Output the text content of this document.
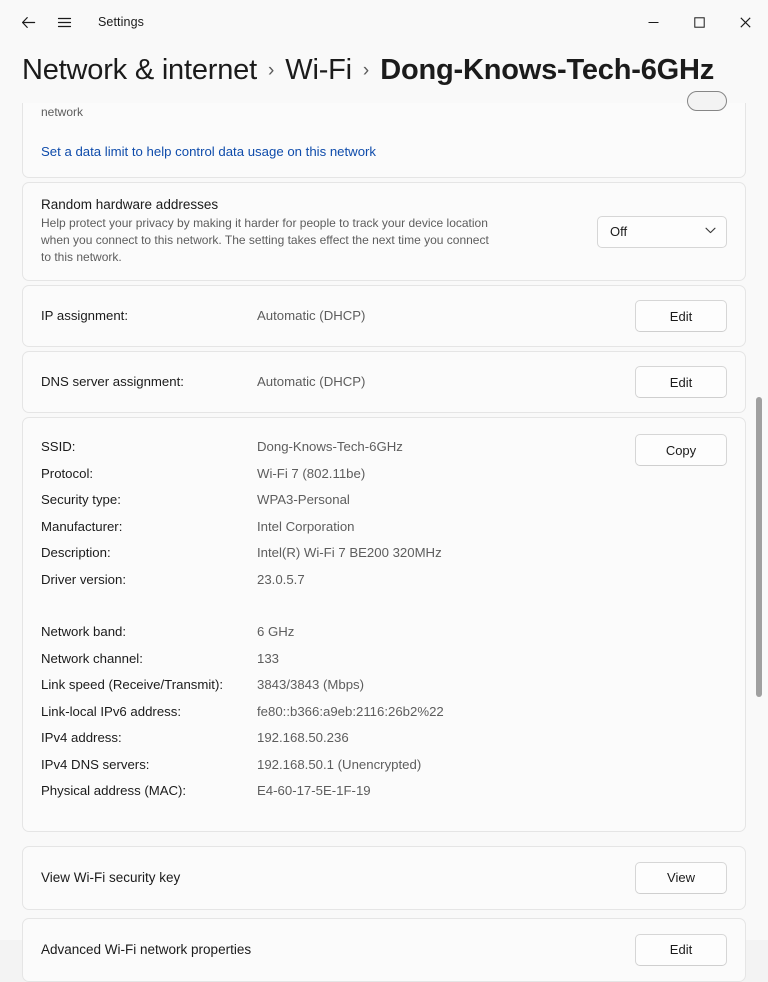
Settings
Network & internet › Wi-Fi › Dong-Knows-Tech-6GHz
network
Set a data limit to help control data usage on this network
Random hardware addresses
Help protect your privacy by making it harder for people to track your device location when you connect to this network. The setting takes effect the next time you connect to this network.
Off
IP assignment:	Automatic (DHCP)	Edit
DNS server assignment:	Automatic (DHCP)	Edit
SSID:	Dong-Knows-Tech-6GHz
Protocol:	Wi-Fi 7 (802.11be)
Security type:	WPA3-Personal
Manufacturer:	Intel Corporation
Description:	Intel(R) Wi-Fi 7 BE200 320MHz
Driver version:	23.0.5.7
Network band:	6 GHz
Network channel:	133
Link speed (Receive/Transmit):	3843/3843 (Mbps)
Link-local IPv6 address:	fe80::b366:a9eb:2116:26b2%22
IPv4 address:	192.168.50.236
IPv4 DNS servers:	192.168.50.1 (Unencrypted)
Physical address (MAC):	E4-60-17-5E-1F-19
Copy
View Wi-Fi security key	View
Advanced Wi-Fi network properties	Edit
